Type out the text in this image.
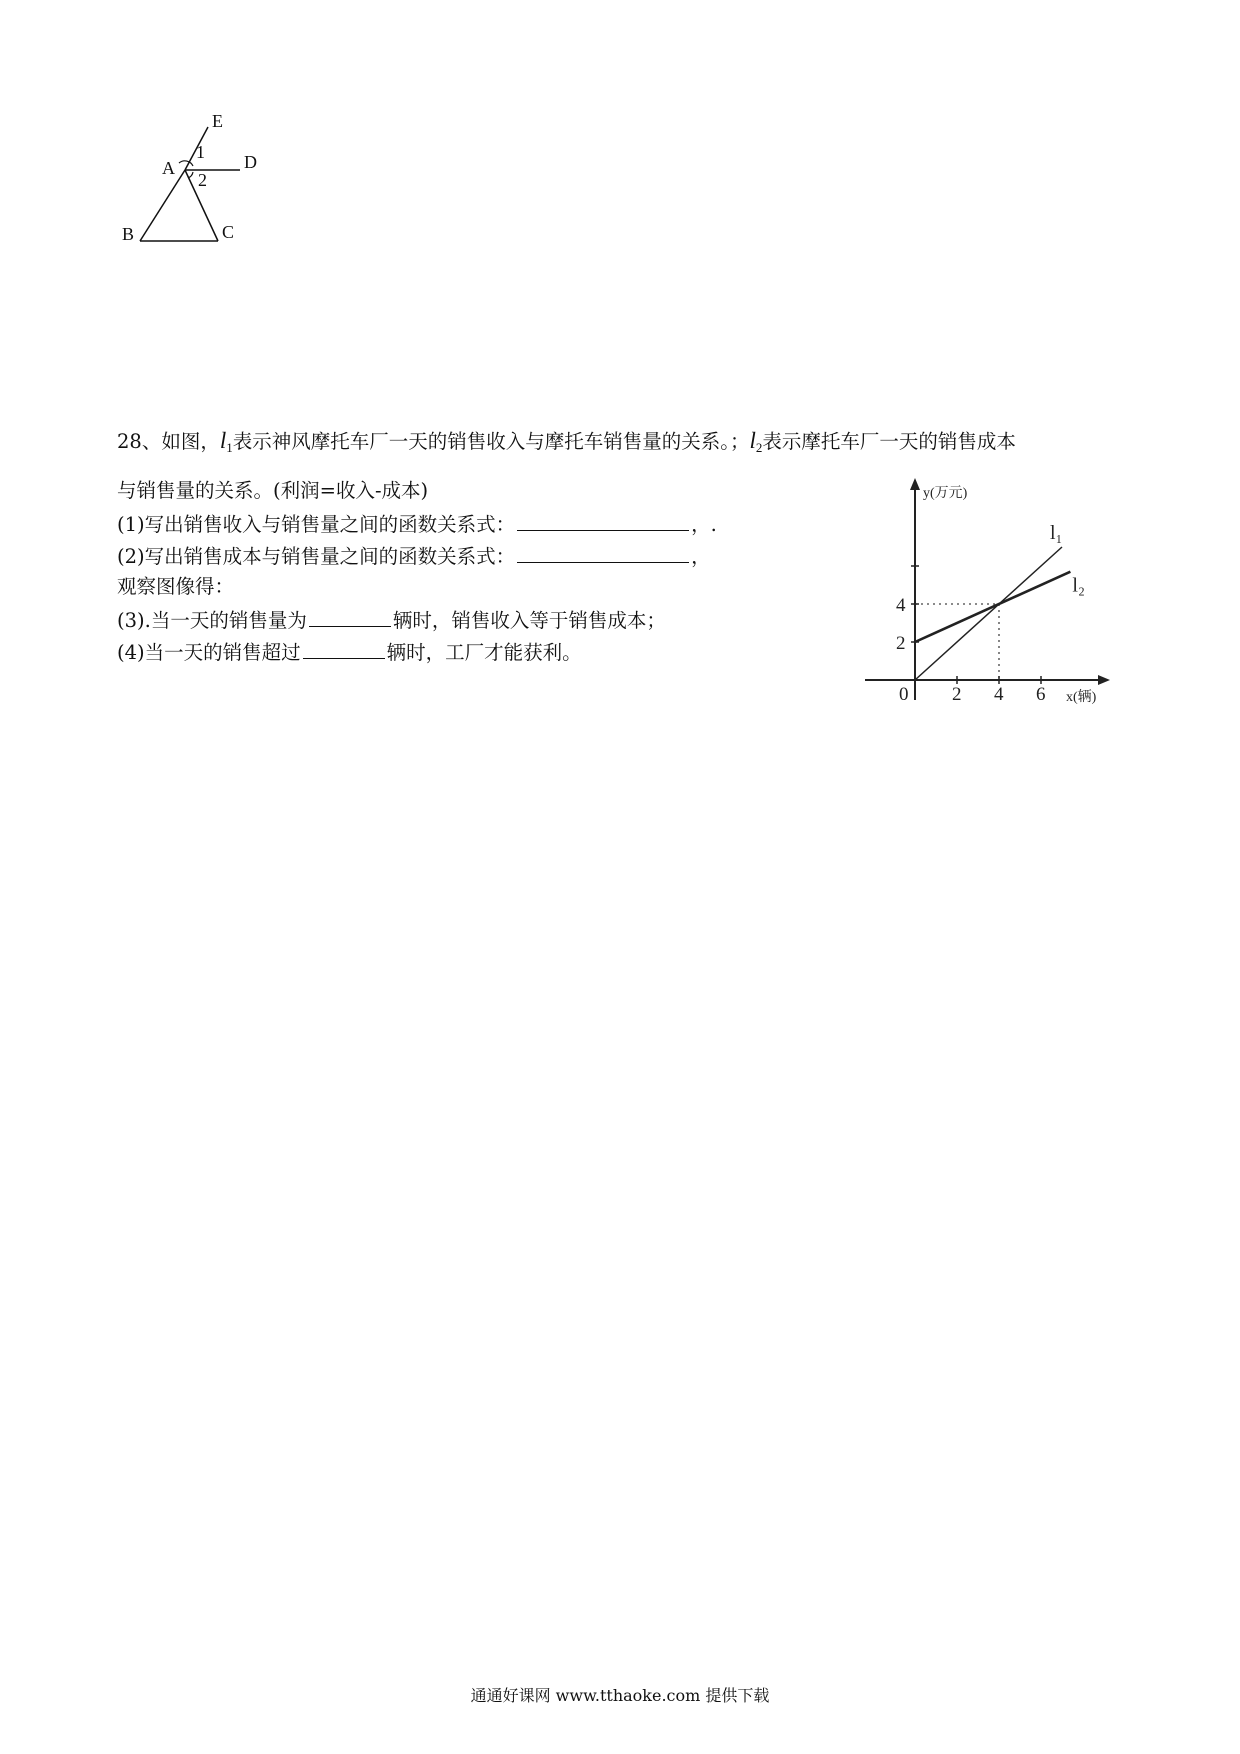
E
D
A
1
2
B	C
28、如图，$l_1$表示神风摩托车厂一天的销售收入与摩托车销售量的关系。；$l_2$表示摩托车厂一天的销售成本
与销售量的关系。(利润=收入-成本)
(1)写出销售收入与销售量之间的函数关系式：	，.
(2)写出销售成本与销售量之间的函数关系式：	，
观察图像得：
(3).当一天的销售量为	辆时，销售收入等于销售成本；
(4)当一天的销售超过	辆时，工厂才能获利。
l₁
l₂
0 2 4 6
2
4
y(万元)
x(辆)
通通好课网 www.tthaoke.com 提供下载
